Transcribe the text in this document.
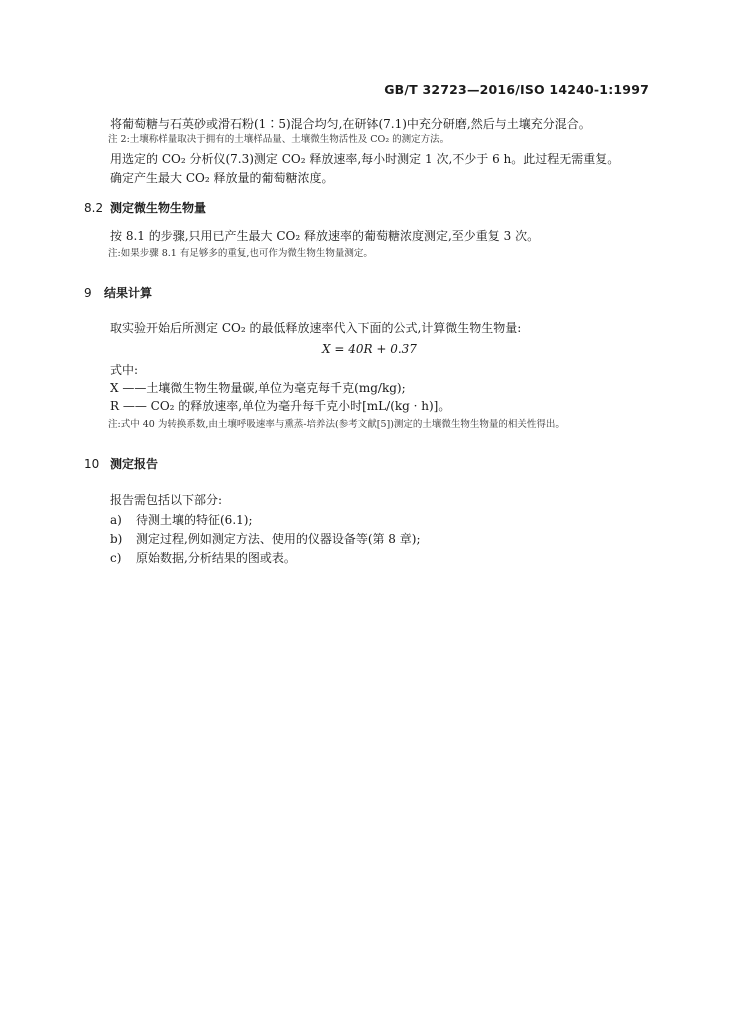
GB/T 32723—2016/ISO 14240-1:1997
将葡萄糖与石英砂或滑石粉(1∶5)混合均匀,在研钵(7.1)中充分研磨,然后与土壤充分混合。
注 2:土壤称样量取决于拥有的土壤样品量、土壤微生物活性及 CO₂ 的测定方法。
用选定的 CO₂ 分析仪(7.3)测定 CO₂ 释放速率,每小时测定 1 次,不少于 6 h。此过程无需重复。
确定产生最大 CO₂ 释放量的葡萄糖浓度。
8.2 测定微生物生物量
按 8.1 的步骤,只用已产生最大 CO₂ 释放速率的葡萄糖浓度测定,至少重复 3 次。
注:如果步骤 8.1 有足够多的重复,也可作为微生物生物量测定。
9 结果计算
取实验开始后所测定 CO₂ 的最低释放速率代入下面的公式,计算微生物生物量:
X = 40R + 0.37
式中:
X ——土壤微生物生物量碳,单位为毫克每千克(mg/kg);
R —— CO₂ 的释放速率,单位为毫升每千克小时[mL/(kg · h)]。
注:式中 40 为转换系数,由土壤呼吸速率与熏蒸-培养法(参考文献[5])测定的土壤微生物生物量的相关性得出。
10 测定报告
报告需包括以下部分:
a) 待测土壤的特征(6.1);
b) 测定过程,例如测定方法、使用的仪器设备等(第 8 章);
c) 原始数据,分析结果的图或表。
